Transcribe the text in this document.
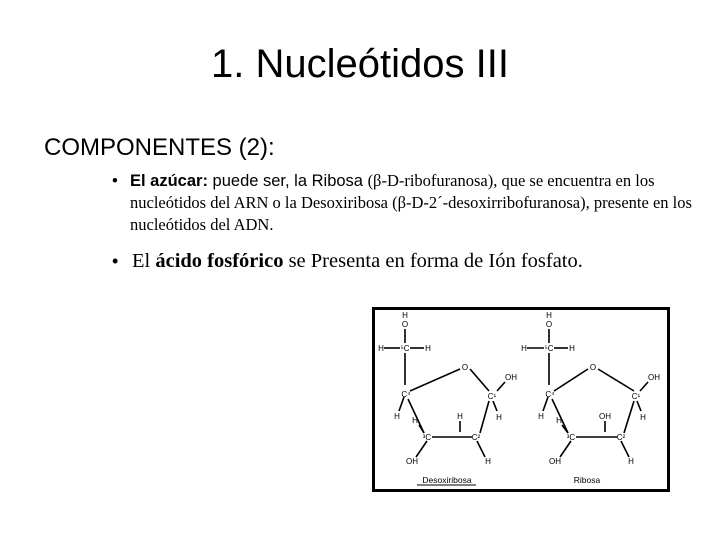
1. Nucleótidos III
COMPONENTES (2):
• El azúcar: puede ser, la Ribosa (β-D-ribofuranosa), que se encuentra en los nucleótidos del ARN o la Desoxiribosa (β-D-2´-desoxirribofuranosa), presente en los nucleótidos del ADN.
• El ácido fosfórico se Presenta en forma de Ión fosfato.
H
O
H ⁵C H
C⁴
O
C¹
OH
H
H H	H
³C	C²
OH	H
H
O
H ⁵C H
C⁴
O
C¹
OH
H
H H	OH
³C	C²
OH	H
Desoxiribosa	Ribosa
